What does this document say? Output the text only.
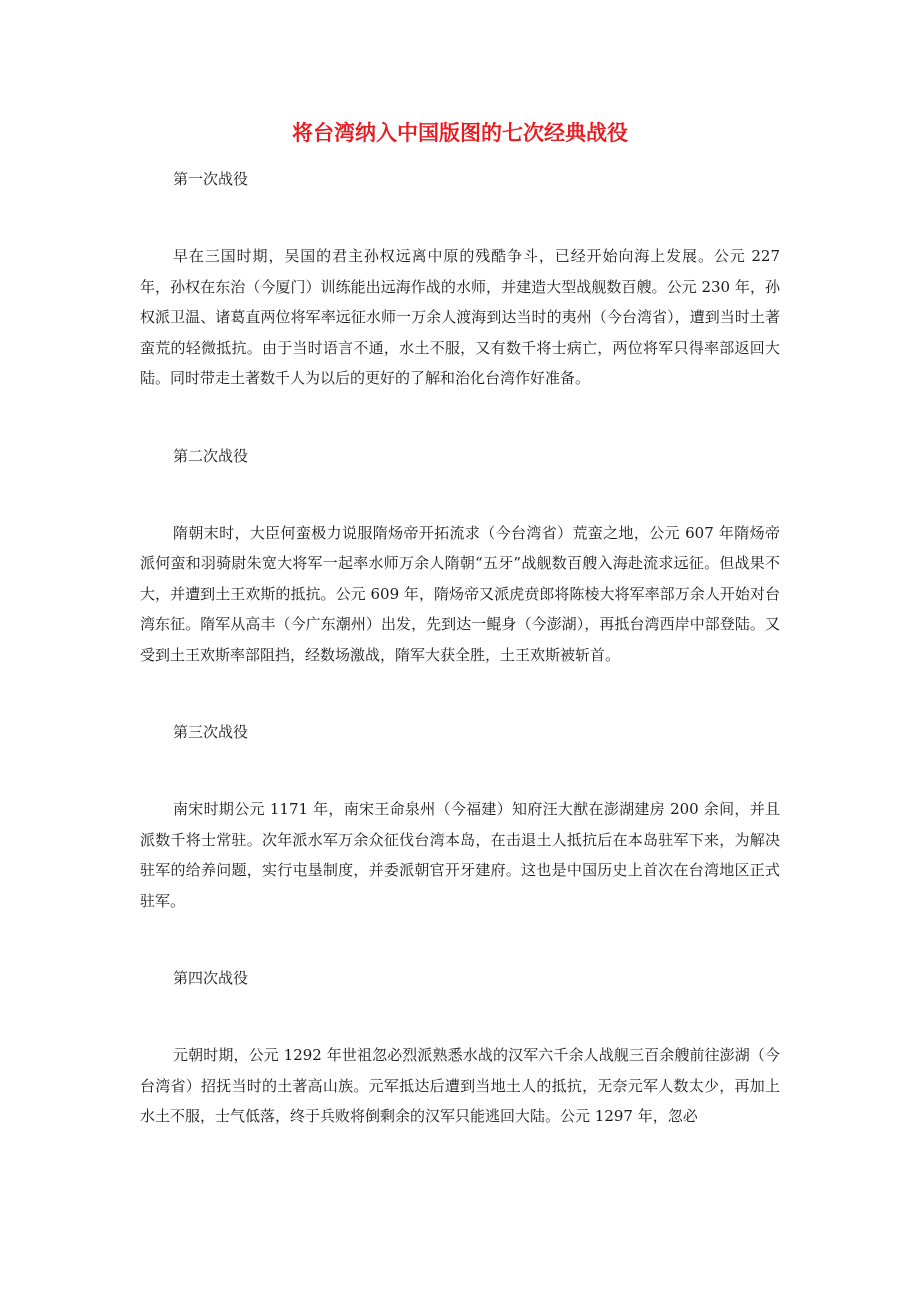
将台湾纳入中国版图的七次经典战役

第一次战役

早在三国时期，吴国的君主孙权远离中原的残酷争斗，已经开始向海上发展。公元 227 年，孙权在东治（今厦门）训练能出远海作战的水师，并建造大型战舰数百艘。公元 230 年，孙权派卫温、诸葛直两位将军率远征水师一万余人渡海到达当时的夷州（今台湾省），遭到当时土著蛮荒的轻微抵抗。由于当时语言不通，水土不服，又有数千将士病亡，两位将军只得率部返回大陆。同时带走土著数千人为以后的更好的了解和治化台湾作好准备。

第二次战役

隋朝末时，大臣何蛮极力说服隋炀帝开拓流求（今台湾省）荒蛮之地，公元 607 年隋炀帝派何蛮和羽骑尉朱宽大将军一起率水师万余人隋朝“五牙”战舰数百艘入海赴流求远征。但战果不大，并遭到土王欢斯的抵抗。公元 609 年，隋炀帝又派虎贲郎将陈棱大将军率部万余人开始对台湾东征。隋军从高丰（今广东潮州）出发，先到达一鲲身（今澎湖），再抵台湾西岸中部登陆。又受到土王欢斯率部阻挡，经数场激战，隋军大获全胜，土王欢斯被斩首。

第三次战役

南宋时期公元 1171 年，南宋王命泉州（今福建）知府汪大猷在澎湖建房 200 余间，并且派数千将士常驻。次年派水军万余众征伐台湾本岛，在击退土人抵抗后在本岛驻军下来，为解决驻军的给养问题，实行屯垦制度，并委派朝官开牙建府。这也是中国历史上首次在台湾地区正式驻军。

第四次战役

元朝时期，公元 1292 年世祖忽必烈派熟悉水战的汉军六千余人战舰三百余艘前往澎湖（今台湾省）招抚当时的土著高山族。元军抵达后遭到当地土人的抵抗，无奈元军人数太少，再加上水土不服，士气低落，终于兵败将倒剩余的汉军只能逃回大陆。公元 1297 年，忽必
